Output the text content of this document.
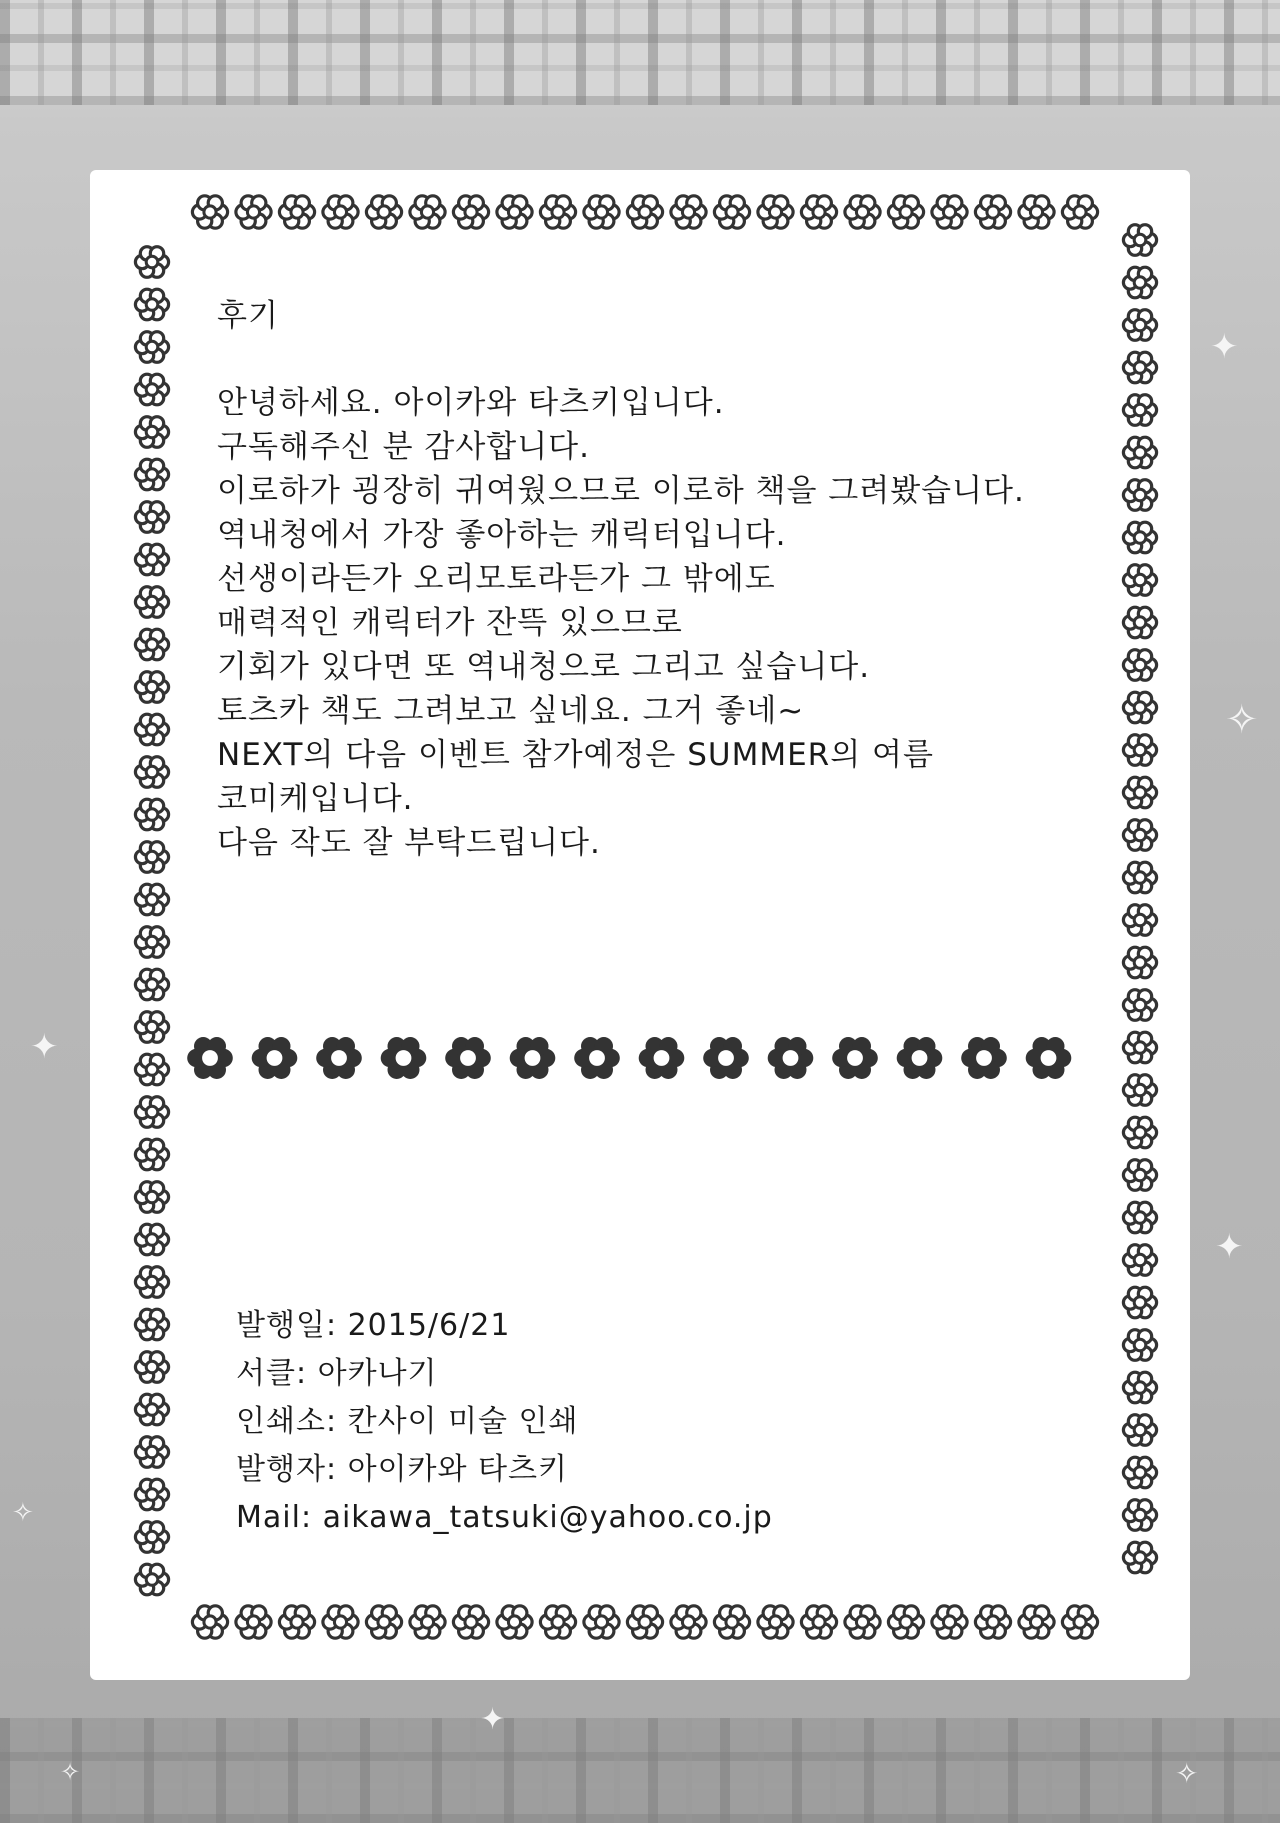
✦
✧
✦
✧
✦
✧
✦
✧
후기
안녕하세요. 아이카와 타츠키입니다.
구독해주신 분 감사합니다.
이로하가 굉장히 귀여웠으므로 이로하 책을 그려봤습니다.
역내청에서 가장 좋아하는 캐릭터입니다.
선생이라든가 오리모토라든가 그 밖에도
매력적인 캐릭터가 잔뜩 있으므로
기회가 있다면 또 역내청으로 그리고 싶습니다.
토츠카 책도 그려보고 싶네요. 그거 좋네~
NEXT의 다음 이벤트 참가예정은 SUMMER의 여름
코미케입니다.
다음 작도 잘 부탁드립니다.
발행일: 2015/6/21
서클: 아카나기
인쇄소: 칸사이 미술 인쇄
발행자: 아이카와 타츠키
Mail: aikawa_tatsuki@yahoo.co.jp
